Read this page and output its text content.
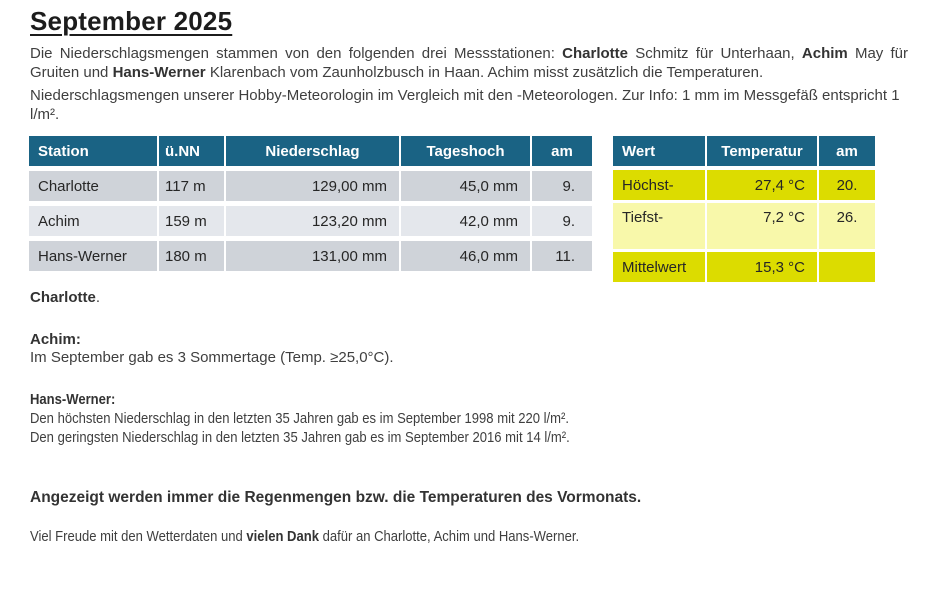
September 2025

Die Niederschlagsmengen stammen von den folgenden drei Messstationen: Charlotte Schmitz für Unterhaan, Achim May für Gruiten und Hans-Werner Klarenbach vom Zaunholzbusch in Haan. Achim misst zusätzlich die Temperaturen.

Niederschlagsmengen unserer Hobby-Meteorologin im Vergleich mit den -Meteorologen. Zur Info: 1 mm im Messgefäß entspricht 1 l/m².

Station	ü.NN	Niederschlag	Tageshoch	am
Charlotte	117 m	129,00 mm	45,0 mm	9.
Achim	159 m	123,20 mm	42,0 mm	9.
Hans-Werner	180 m	131,00 mm	46,0 mm	11.
Wert	Temperatur	am
Höchst-	27,4 °C	20.
Tiefst-	7,2 °C	26.
Mittelwert	15,3 °C
Charlotte.
Achim:
Im September gab es 3 Sommertage (Temp. ≥25,0°C).
Hans-Werner:
Den höchsten Niederschlag in den letzten 35 Jahren gab es im September 1998 mit 220 l/m².
Den geringsten Niederschlag in den letzten 35 Jahren gab es im September 2016 mit 14 l/m².
Angezeigt werden immer die Regenmengen bzw. die Temperaturen des Vormonats.
Viel Freude mit den Wetterdaten und vielen Dank dafür an Charlotte, Achim und Hans-Werner.
